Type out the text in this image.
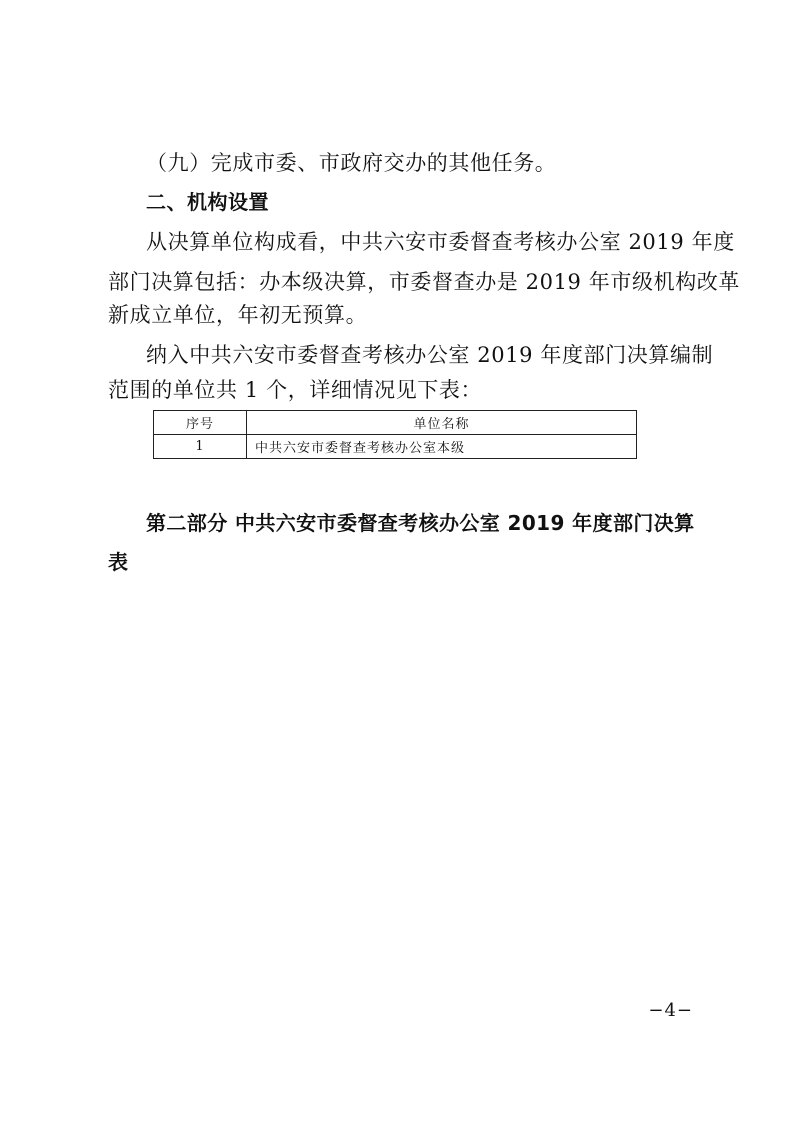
（九）完成市委、市政府交办的其他任务。
二、机构设置
从决算单位构成看，中共六安市委督查考核办公室 2019 年度
部门决算包括：办本级决算，市委督查办是 2019 年市级机构改革
新成立单位，年初无预算。
纳入中共六安市委督查考核办公室 2019 年度部门决算编制
范围的单位共 1 个，详细情况见下表：
序号	单位名称
1	中共六安市委督查考核办公室本级
第二部分 中共六安市委督查考核办公室 2019 年度部门决算
表
−4−
